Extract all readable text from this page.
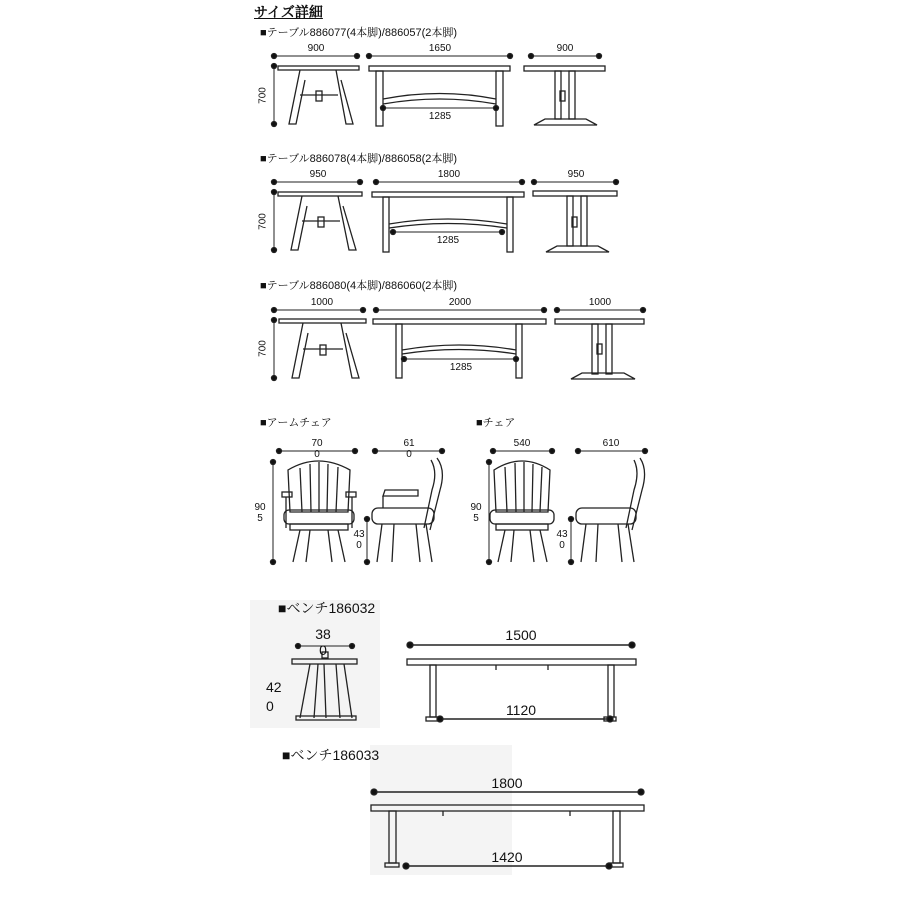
サイズ詳細
■テーブル886077(4本脚)/886057(2本脚)
900	1650	900
700
1285
■テーブル886078(4本脚)/886058(2本脚)
950	1800	950
700
1285
■テーブル886080(4本脚)/886060(2本脚)
1000	2000	1000
700
1285
■アームチェア
70
0
61
0
90
5
43
0
■チェア
540	610
90
5
43
0
■ベンチ186032
38
0
42
0
1500
1120
■ベンチ186033
1800
1420
